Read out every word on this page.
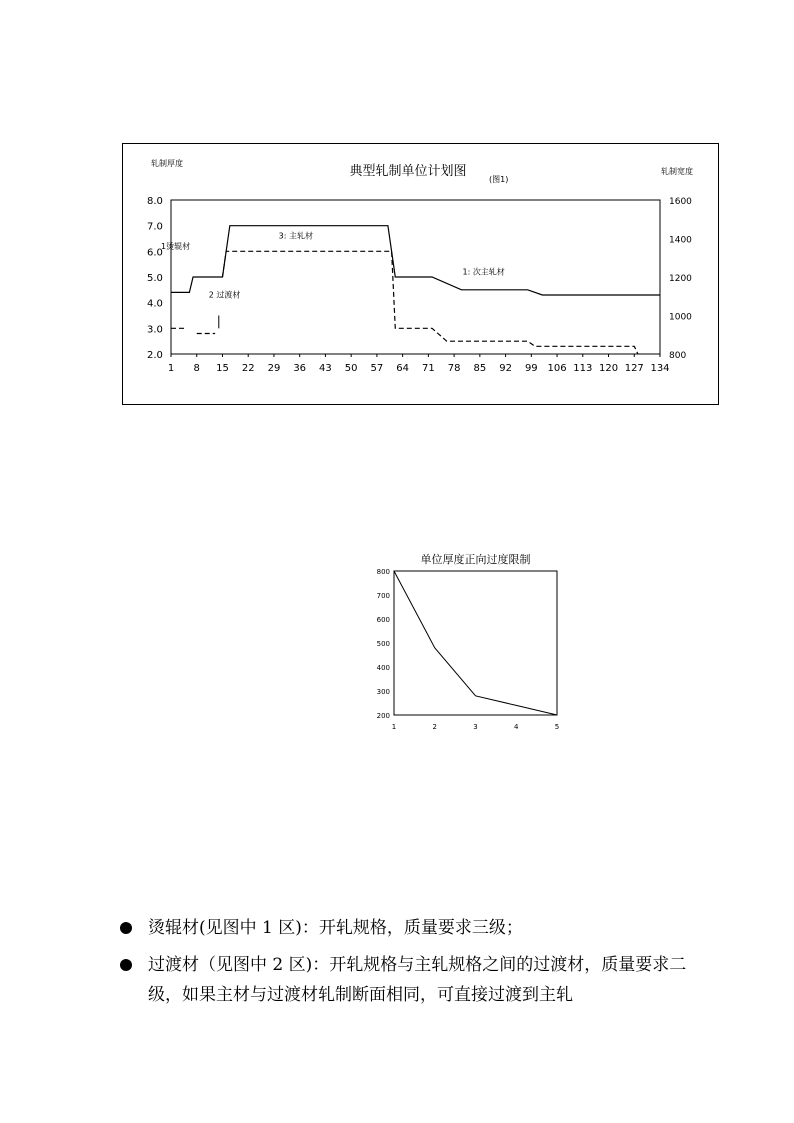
典型轧制单位计划图
(图1)
轧制厚度
轧制宽度
8.0
7.0
6.0
5.0
4.0
3.0
2.0
1600
1400
1200
1000
800
1 8 15 22 29 36 43 50 57 64 71 78 85 92 99 106 113 120 127 134
1烫辊材
2 过渡材
3: 主轧材
1: 次主轧材
单位厚度正向过度限制
800
700
600
500
400
300
200
1	2	3	4	5
烫辊材(见图中 1 区)：开轧规格，质量要求三级；
过渡材（见图中 2 区)：开轧规格与主轧规格之间的过渡材，质量要求二级，如果主材与过渡材轧制断面相同，可直接过渡到主轧
